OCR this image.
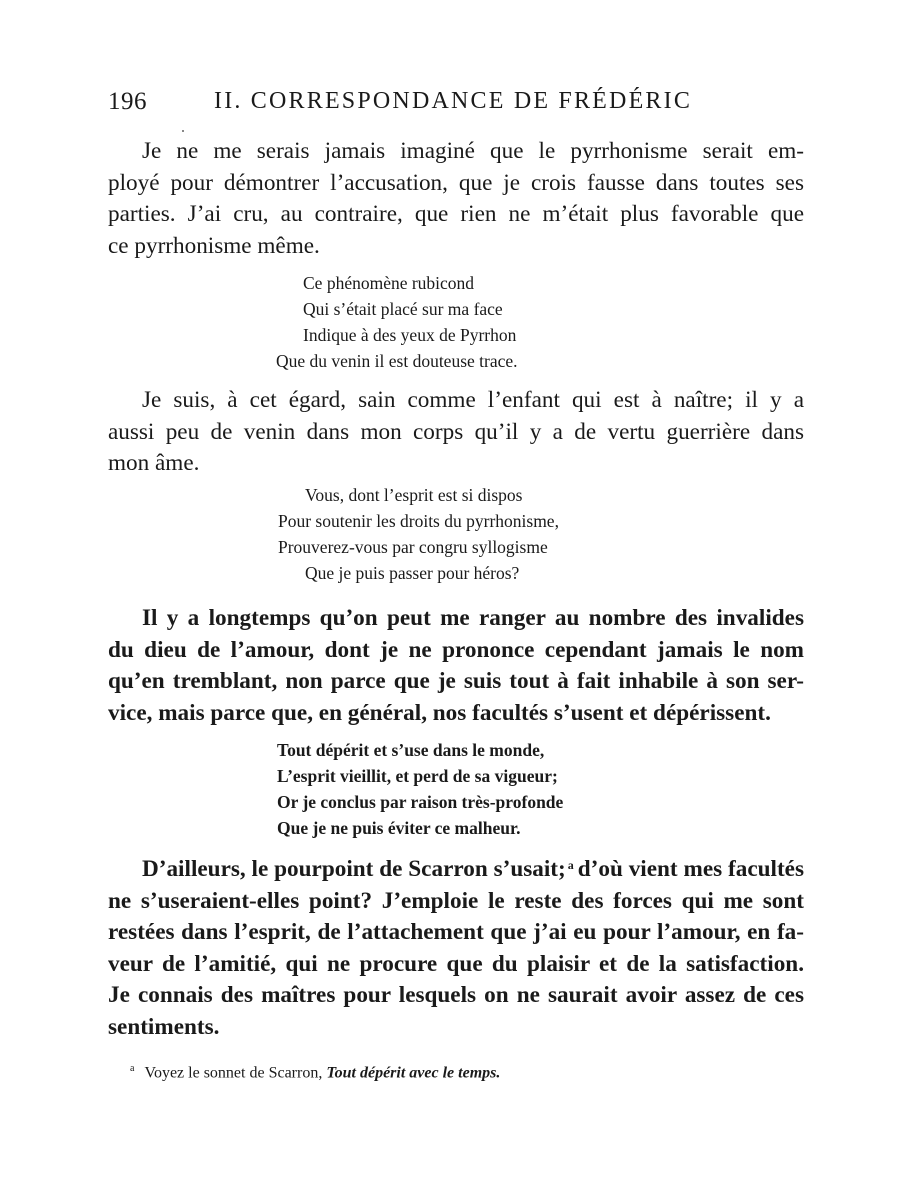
196	II. CORRESPONDANCE DE FRÉDÉRIC
Je ne me serais jamais imaginé que le pyrrhonisme serait em-
ployé pour démontrer l’accusation, que je crois fausse dans toutes ses
parties. J’ai cru, au contraire, que rien ne m’était plus favorable que
ce pyrrhonisme même.
Ce phénomène rubicond
Qui s’était placé sur ma face
Indique à des yeux de Pyrrhon
Que du venin il est douteuse trace.
Je suis, à cet égard, sain comme l’enfant qui est à naître; il y a
aussi peu de venin dans mon corps qu’il y a de vertu guerrière dans
mon âme.
Vous, dont l’esprit est si dispos
Pour soutenir les droits du pyrrhonisme,
Prouverez-vous par congru syllogisme
Que je puis passer pour héros?
Il y a longtemps qu’on peut me ranger au nombre des invalides
du dieu de l’amour, dont je ne prononce cependant jamais le nom
qu’en tremblant, non parce que je suis tout à fait inhabile à son ser-
vice, mais parce que, en général, nos facultés s’usent et dépérissent.
Tout dépérit et s’use dans le monde,
L’esprit vieillit, et perd de sa vigueur;
Or je conclus par raison très-profonde
Que je ne puis éviter ce malheur.
D’ailleurs, le pourpoint de Scarron s’usait; $^a$ d’où vient mes facultés
ne s’useraient-elles point? J’emploie le reste des forces qui me sont
restées dans l’esprit, de l’attachement que j’ai eu pour l’amour, en fa-
veur de l’amitié, qui ne procure que du plaisir et de la satisfaction.
Je connais des maîtres pour lesquels on ne saurait avoir assez de ces
sentiments.
$^a$ Voyez le sonnet de Scarron, Tout dépérit avec le temps.
